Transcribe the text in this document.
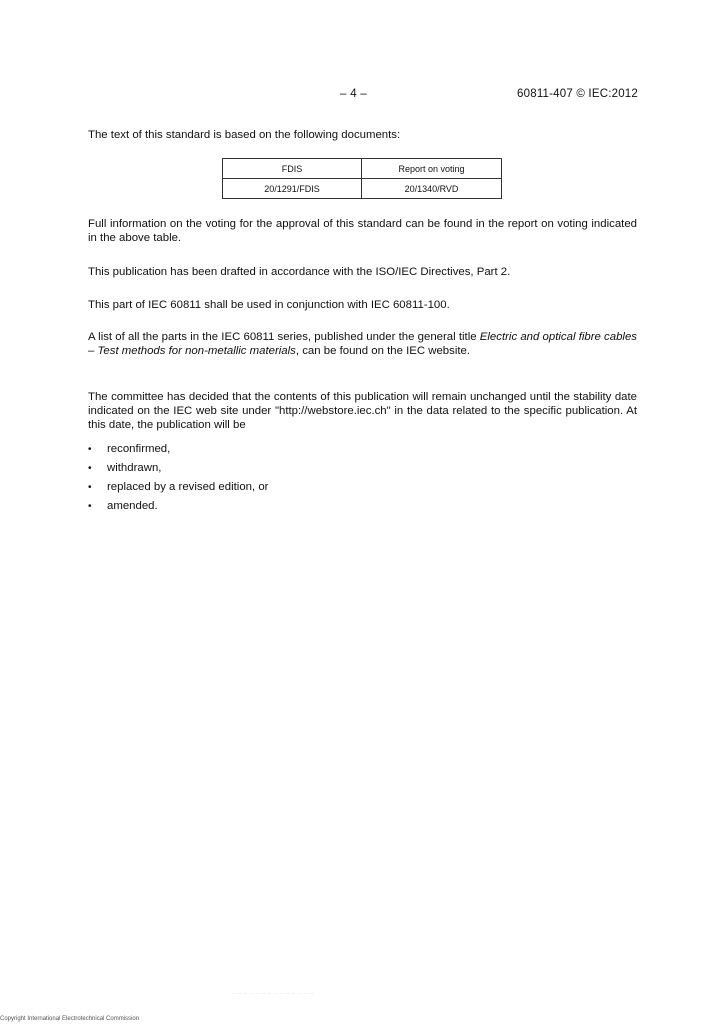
– 4 –	60811-407 © IEC:2012

The text of this standard is based on the following documents:

FDIS	Report on voting
20/1291/FDIS	20/1340/RVD

Full information on the voting for the approval of this standard can be found in the report on voting indicated in the above table.

This publication has been drafted in accordance with the ISO/IEC Directives, Part 2.

This part of IEC 60811 shall be used in conjunction with IEC 60811-100.

A list of all the parts in the IEC 60811 series, published under the general title Electric and optical fibre cables – Test methods for non-metallic materials, can be found on the IEC website.

The committee has decided that the contents of this publication will remain unchanged until the stability date indicated on the IEC web site under "http://webstore.iec.ch" in the data related to the specific publication. At this date, the publication will be

• reconfirmed,
• withdrawn,
• replaced by a revised edition, or
• amended.
– – – – – – – – – – – – – –
Copyright International Electrotechnical Commission
